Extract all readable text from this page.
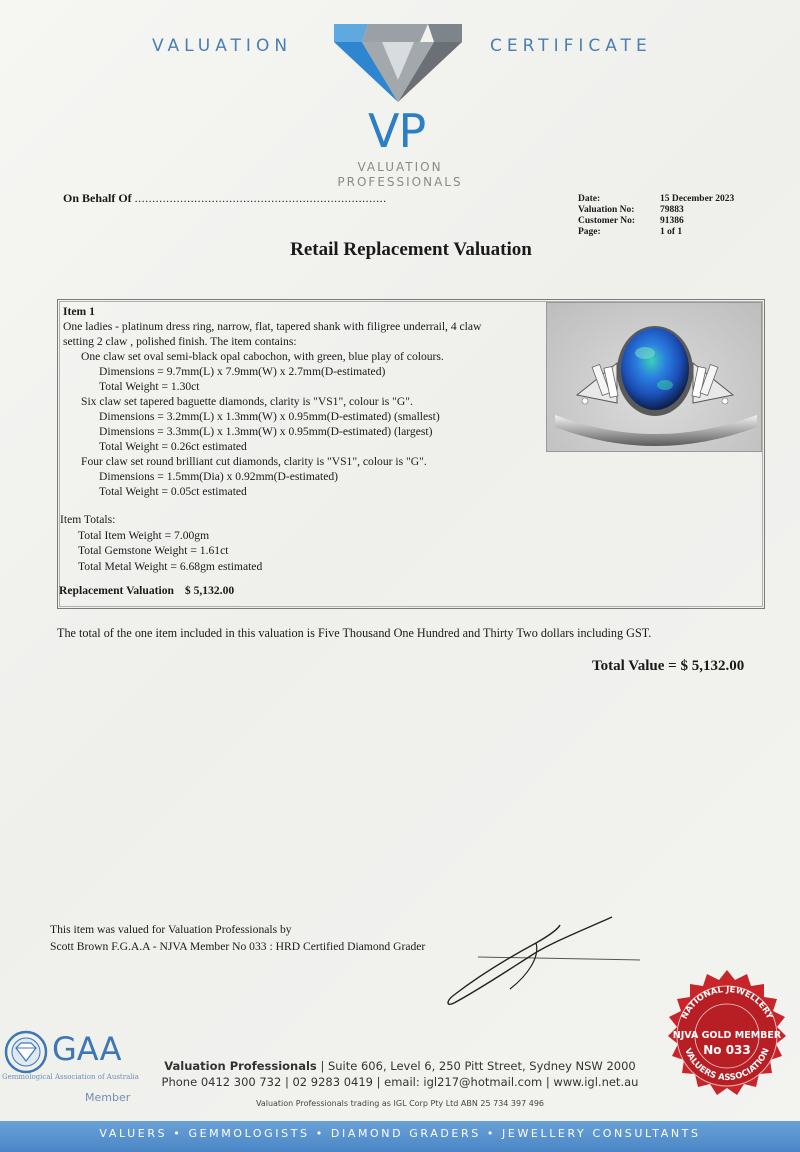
VALUATION	CERTIFICATE
VP
VALUATION
PROFESSIONALS
On Behalf Of ........................................................................	Date:	15 December 2023
Valuation No:	79883
Customer No:	91386
Page:	1 of 1
Retail Replacement Valuation
Item 1
One ladies - platinum dress ring, narrow, flat, tapered shank with filigree underrail, 4 claw
setting 2 claw , polished finish. The item contains:
One claw set oval semi-black opal cabochon, with green, blue play of colours.
Dimensions = 9.7mm(L) x 7.9mm(W) x 2.7mm(D-estimated)
Total Weight = 1.30ct
Six claw set tapered baguette diamonds, clarity is "VS1", colour is "G".
Dimensions = 3.2mm(L) x 1.3mm(W) x 0.95mm(D-estimated) (smallest)
Dimensions = 3.3mm(L) x 1.3mm(W) x 0.95mm(D-estimated) (largest)
Total Weight = 0.26ct estimated
Four claw set round brilliant cut diamonds, clarity is "VS1", colour is "G".
Dimensions = 1.5mm(Dia) x 0.92mm(D-estimated)
Total Weight = 0.05ct estimated
Item Totals:
Total Item Weight = 7.00gm
Total Gemstone Weight = 1.61ct
Total Metal Weight = 6.68gm estimated
Replacement Valuation $ 5,132.00
The total of the one item included in this valuation is Five Thousand One Hundred and Thirty Two dollars including GST.
Total Value = $ 5,132.00
This item was valued for Valuation Professionals by
Scott Brown F.G.A.A - NJVA Member No 033 : HRD Certified Diamond Grader
NATIONAL JEWELLERY
VALUERS ASSOCIATION
NJVA GOLD MEMBER
No 033
GAA
Gemmological Association of Australia
Member
Valuation Professionals | Suite 606, Level 6, 250 Pitt Street, Sydney NSW 2000
Phone 0412 300 732 | 02 9283 0419 | email: igl217@hotmail.com | www.igl.net.au
Valuation Professionals trading as IGL Corp Pty Ltd ABN 25 734 397 496
VALUERS • GEMMOLOGISTS • DIAMOND GRADERS • JEWELLERY CONSULTANTS
